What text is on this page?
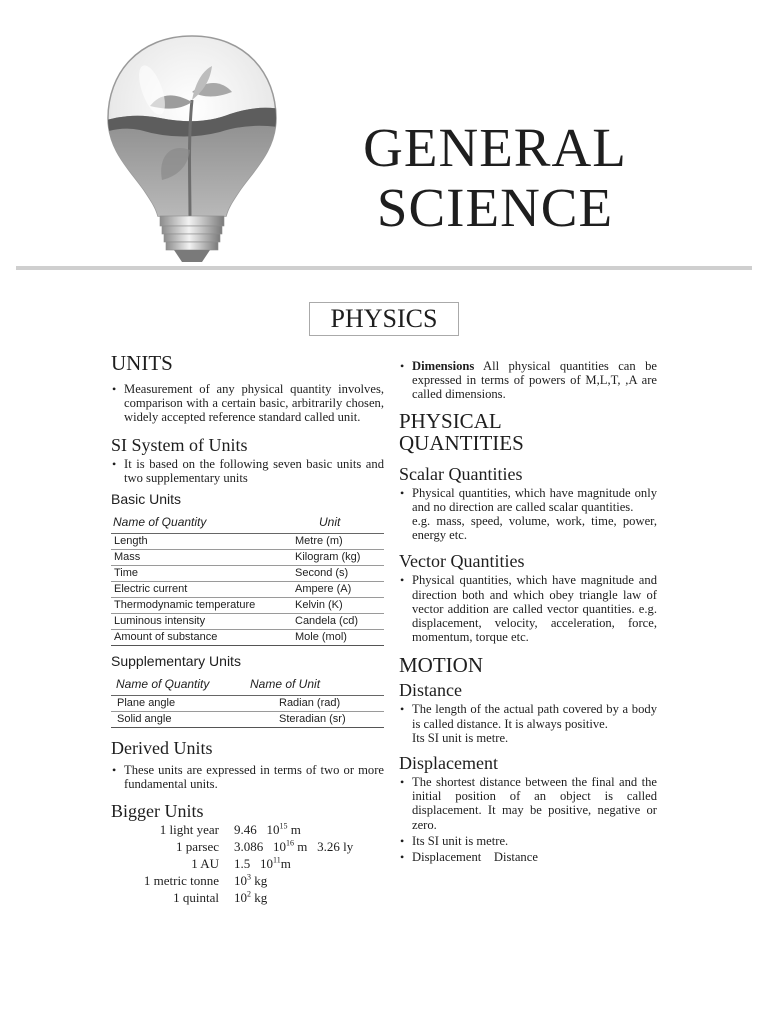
GENERAL
SCIENCE
PHYSICS
UNITS

• Measurement of any physical quantity involves, comparison with a certain basic, arbitrarily chosen, widely accepted reference standard called unit.

SI System of Units

• It is based on the following seven basic units and two supplementary units

Basic Units
Name of Quantity	Unit
Length	Metre (m)
Mass	Kilogram (kg)
Time	Second (s)
Electric current	Ampere (A)
Thermodynamic temperature	Kelvin (K)
Luminous intensity	Candela (cd)
Amount of substance	Mole (mol)
Supplementary Units
Name of Quantity	Name of Unit
Plane angle	Radian (rad)
Solid angle	Steradian (sr)
Derived Units

• These units are expressed in terms of two or more fundamental units.

Bigger Units
1 light year	9.46 $10^{15}$ m
1 parsec	3.086 $10^{16}$ m 3.26 ly
1 AU	1.5 $10^{11}m$
1 metric tonne	$10^3$ kg
1 quintal	$10^2$ kg

• Dimensions All physical quantities can be expressed in terms of powers of M,L,T, ,A are called dimensions.

PHYSICAL
QUANTITIES
Scalar Quantities

• Physical quantities, which have magnitude only and no direction are called scalar quantities.

e.g. mass, speed, volume, work, time, power, energy etc.
Vector Quantities

• Physical quantities, which have magnitude and direction both and which obey triangle law of vector addition are called vector quantities. e.g. displacement, velocity, acceleration, force, momentum, torque etc.

MOTION
Distance

• The length of the actual path covered by a body is called distance. It is always positive.

Its SI unit is metre.
Displacement

• The shortest distance between the final and the initial position of an object is called displacement. It may be positive, negative or zero.

• Its SI unit is metre.

• Displacement Distance
